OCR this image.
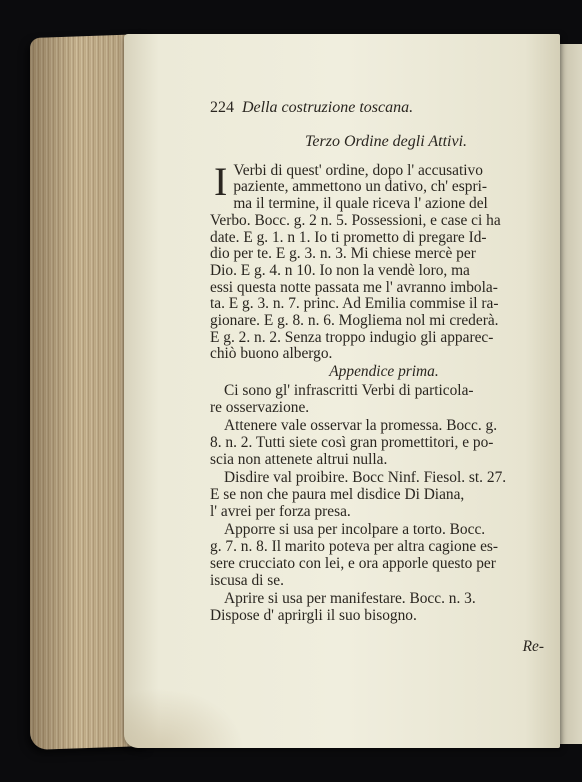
224 Della costruzione toscana.
Terzo Ordine degli Attivi.
I Verbi di quest' ordine, dopo l' accusativo
paziente, ammettono un dativo, ch' espri-
ma il termine, il quale riceva l' azione del
Verbo. Bocc. g. 2 n. 5. Possessioni, e case ci ha
date. E g. 1. n 1. Io ti prometto di pregare Id-
dio per te. E g. 3. n. 3. Mi chiese mercè per
Dio. E g. 4. n 10. Io non la vendè loro, ma
essi questa notte passata me l' avranno imbola-
ta. E g. 3. n. 7. princ. Ad Emilia commise il ra-
gionare. E g. 8. n. 6. Mogliema nol mi crederà.
E g. 2. n. 2. Senza troppo indugio gli apparec-
chiò buono albergo.
Appendice prima.
Ci sono gl' infrascritti Verbi di particola-
re osservazione.
Attenere vale osservar la promessa. Bocc. g.
8. n. 2. Tutti siete così gran promettitori, e po-
scia non attenete altrui nulla.
Disdire val proibire. Bocc Ninf. Fiesol. st. 27.
E se non che paura mel disdice Di Diana,
l' avrei per forza presa.
Apporre si usa per incolpare a torto. Bocc.
g. 7. n. 8. Il marito poteva per altra cagione es-
sere crucciato con lei, e ora apporle questo per
iscusa di se.
Aprire si usa per manifestare. Bocc. n. 3.
Dispose d' aprirgli il suo bisogno.
Re-
